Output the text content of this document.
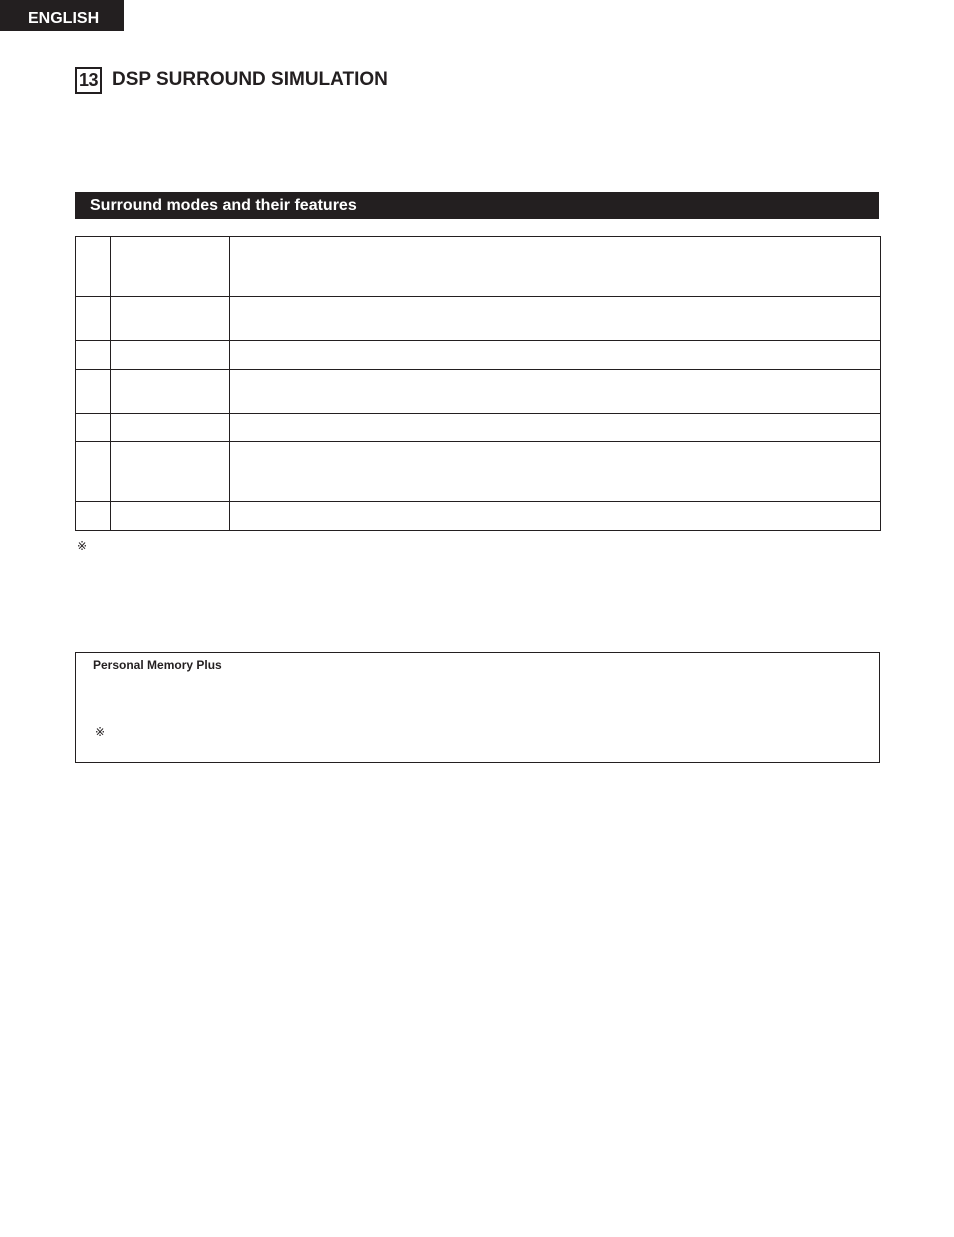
ENGLISH
13 DSP SURROUND SIMULATION
Surround modes and their features

※
Personal Memory Plus
※
